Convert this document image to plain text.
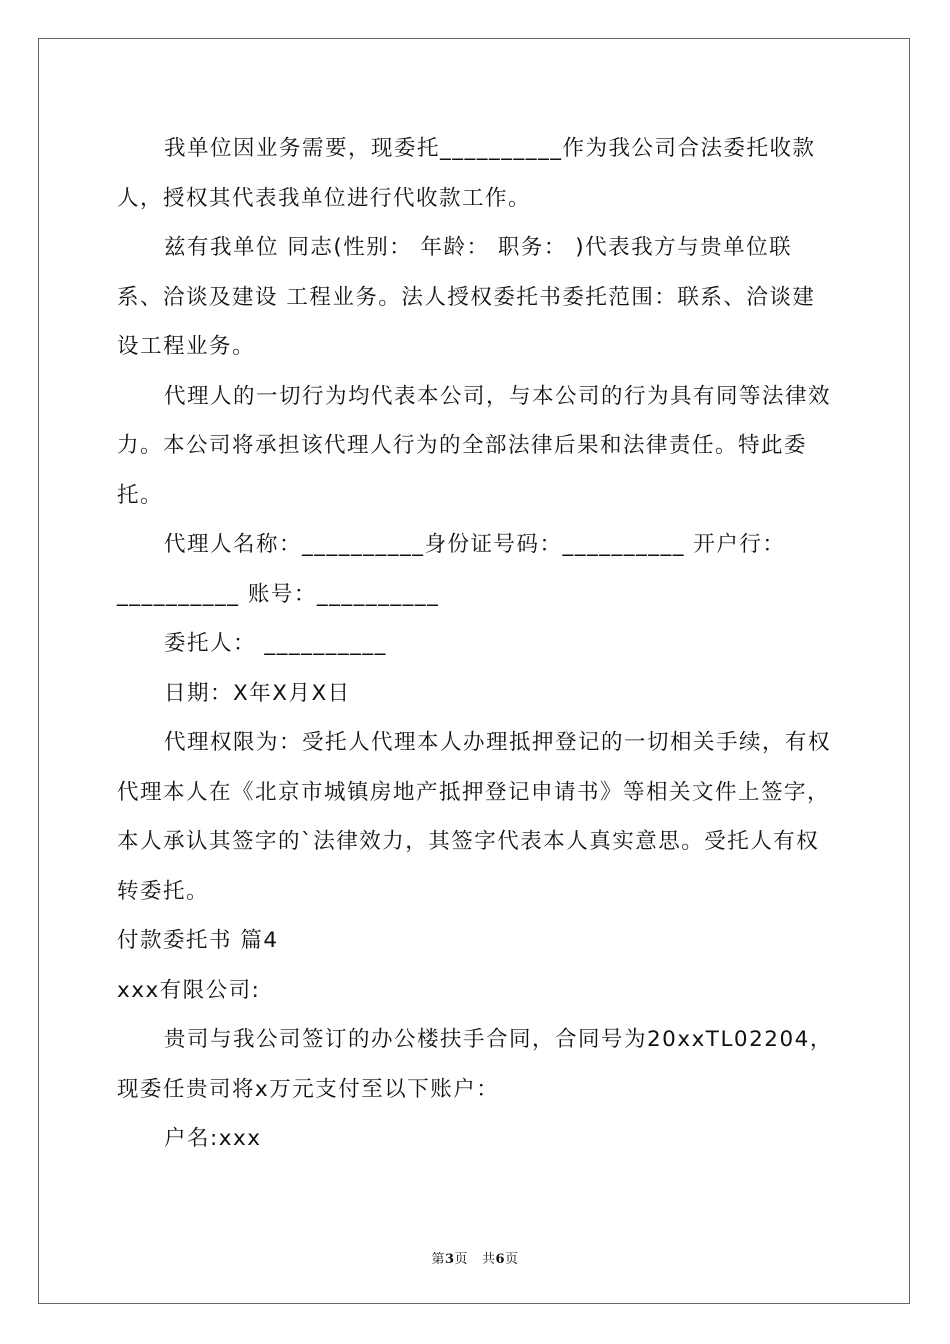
我单位因业务需要，现委托__________作为我公司合法委托收款人，授权其代表我单位进行代收款工作。

兹有我单位 同志(性别： 年龄： 职务： )代表我方与贵单位联系、洽谈及建设 工程业务。法人授权委托书委托范围：联系、洽谈建设工程业务。

代理人的一切行为均代表本公司，与本公司的行为具有同等法律效力。本公司将承担该代理人行为的全部法律后果和法律责任。特此委托。

代理人名称：__________身份证号码：__________ 开户行：__________ 账号：__________

委托人： __________

日期：X年X月X日

代理权限为：受托人代理本人办理抵押登记的一切相关手续，有权代理本人在《北京市城镇房地产抵押登记申请书》等相关文件上签字，本人承认其签字的`法律效力，其签字代表本人真实意思。受托人有权转委托。

付款委托书 篇4

xxx有限公司:

贵司与我公司签订的办公楼扶手合同，合同号为20xxTL02204，现委任贵司将x万元支付至以下账户：

户名:xxx

第3页 共6页
